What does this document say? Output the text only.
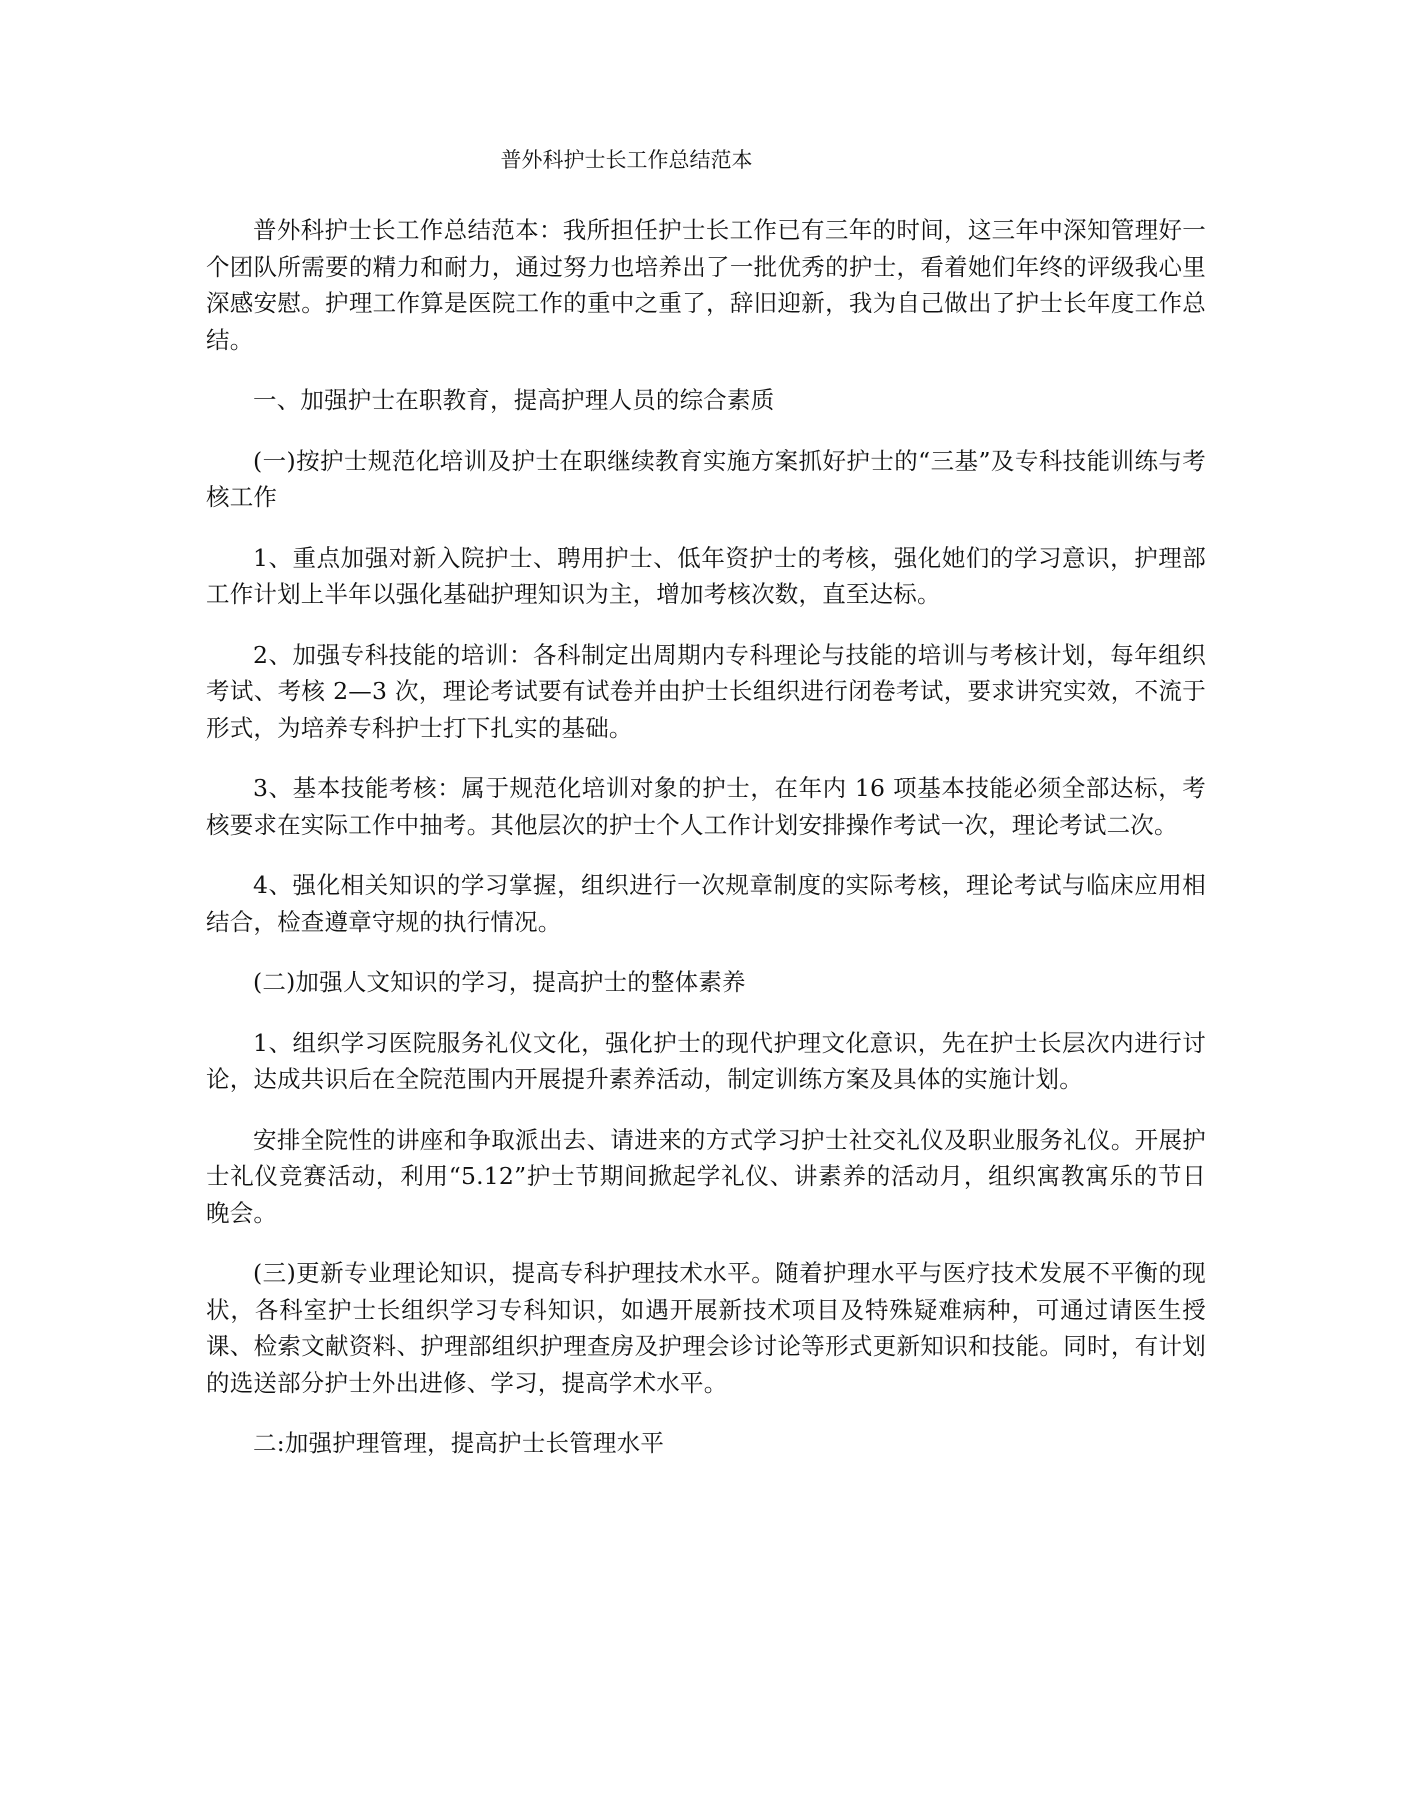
普外科护士长工作总结范本

普外科护士长工作总结范本：我所担任护士长工作已有三年的时间，这三年中深知管理好一个团队所需要的精力和耐力，通过努力也培养出了一批优秀的护士，看着她们年终的评级我心里深感安慰。护理工作算是医院工作的重中之重了，辞旧迎新，我为自己做出了护士长年度工作总结。

一、加强护士在职教育，提高护理人员的综合素质

(一)按护士规范化培训及护士在职继续教育实施方案抓好护士的“三基”及专科技能训练与考核工作

1、重点加强对新入院护士、聘用护士、低年资护士的考核，强化她们的学习意识，护理部工作计划上半年以强化基础护理知识为主，增加考核次数，直至达标。

2、加强专科技能的培训：各科制定出周期内专科理论与技能的培训与考核计划，每年组织考试、考核 2—3 次，理论考试要有试卷并由护士长组织进行闭卷考试，要求讲究实效，不流于形式，为培养专科护士打下扎实的基础。

3、基本技能考核：属于规范化培训对象的护士，在年内 16 项基本技能必须全部达标，考核要求在实际工作中抽考。其他层次的护士个人工作计划安排操作考试一次，理论考试二次。

4、强化相关知识的学习掌握，组织进行一次规章制度的实际考核，理论考试与临床应用相结合，检查遵章守规的执行情况。

(二)加强人文知识的学习，提高护士的整体素养

1、组织学习医院服务礼仪文化，强化护士的现代护理文化意识，先在护士长层次内进行讨论，达成共识后在全院范围内开展提升素养活动，制定训练方案及具体的实施计划。

安排全院性的讲座和争取派出去、请进来的方式学习护士社交礼仪及职业服务礼仪。开展护士礼仪竞赛活动，利用“5.12”护士节期间掀起学礼仪、讲素养的活动月，组织寓教寓乐的节日晚会。

(三)更新专业理论知识，提高专科护理技术水平。随着护理水平与医疗技术发展不平衡的现状，各科室护士长组织学习专科知识，如遇开展新技术项目及特殊疑难病种，可通过请医生授课、检索文献资料、护理部组织护理查房及护理会诊讨论等形式更新知识和技能。同时，有计划的选送部分护士外出进修、学习，提高学术水平。

二:加强护理管理，提高护士长管理水平
